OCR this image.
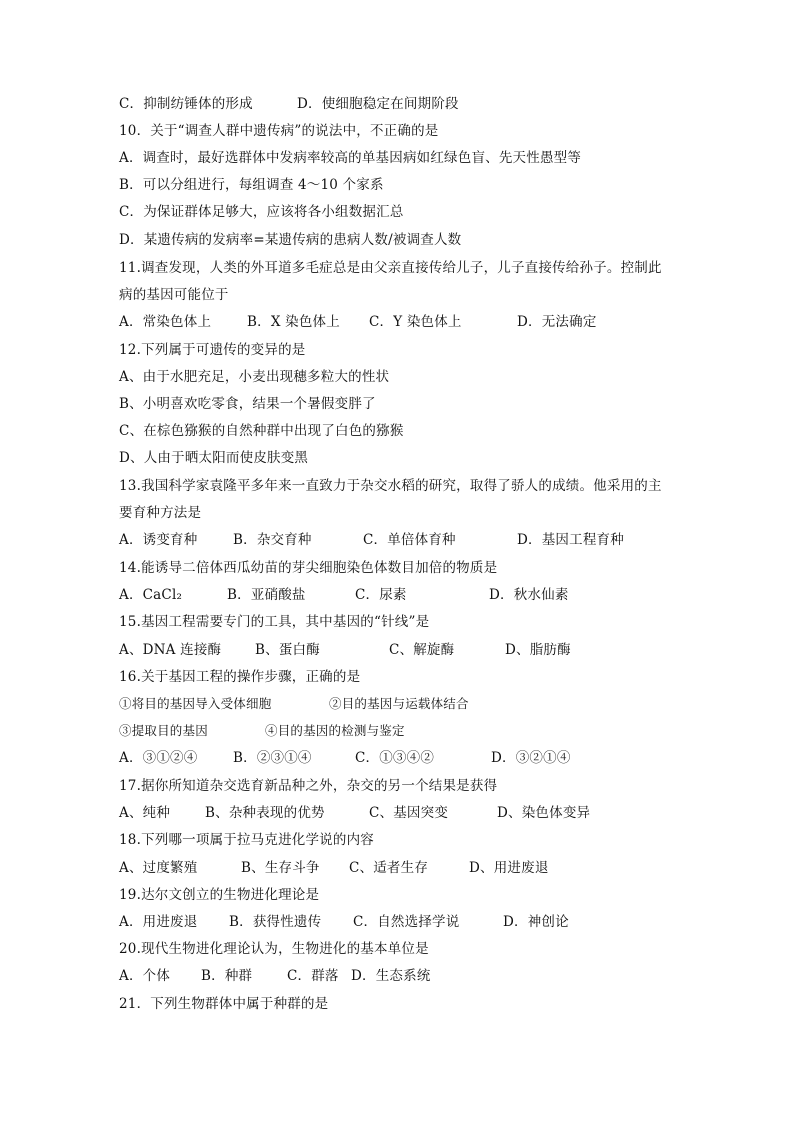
C．抑制纺锤体的形成

	D．使细胞稳定在间期阶段

10．关于“调查人群中遗传病”的说法中，不正确的是
A．调查时，最好选群体中发病率较高的单基因病如红绿色盲、先天性愚型等
B．可以分组进行，每组调查 4～10 个家系
C．为保证群体足够大，应该将各小组数据汇总
D．某遗传病的发病率=某遗传病的患病人数/被调查人数
11.调查发现，人类的外耳道多毛症总是由父亲直接传给儿子，儿子直接传给孙子。控制此
病的基因可能位于

A．常染色体上

	B．X 染色体上

C．Y 染色体上

	D．无法确定

12.下列属于可遗传的变异的是
A、由于水肥充足，小麦出现穗多粒大的性状
B、小明喜欢吃零食，结果一个暑假变胖了
C、在棕色猕猴的自然种群中出现了白色的猕猴
D、人由于晒太阳而使皮肤变黑
13.我国科学家袁隆平多年来一直致力于杂交水稻的研究，取得了骄人的成绩。他采用的主
要育种方法是

A．诱变育种

	B．杂交育种

	C．单倍体育种

	D．基因工程育种

14.能诱导二倍体西瓜幼苗的芽尖细胞染色体数目加倍的物质是

A．CaCl₂

	B．亚硝酸盐

	C．尿素

	D．秋水仙素

15.基因工程需要专门的工具，其中基因的“针线”是

A、DNA 连接酶

	B、蛋白酶

	C、解旋酶

	D、脂肪酶

16.关于基因工程的操作步骤，正确的是

①将目的基因导入受体细胞

	②目的基因与运载体结合

③提取目的基因

	④目的基因的检测与鉴定

A．③①②④

	B．②③①④

	C．①③④②

	D．③②①④

17.据你所知道杂交选育新品种之外，杂交的另一个结果是获得

A、纯种

	B、杂种表现的优势

	C、基因突变

	D、染色体变异

18.下列哪一项属于拉马克进化学说的内容

A、过度繁殖

	B、生存斗争

C、适者生存

	D、用进废退

19.达尔文创立的生物进化理论是

A．用进废退

B．获得性遗传

C．自然选择学说

	D．神创论

20.现代生物进化理论认为，生物进化的基本单位是

A．个体

B．种群

	C．群落

D．生态系统

21．下列生物群体中属于种群的是
